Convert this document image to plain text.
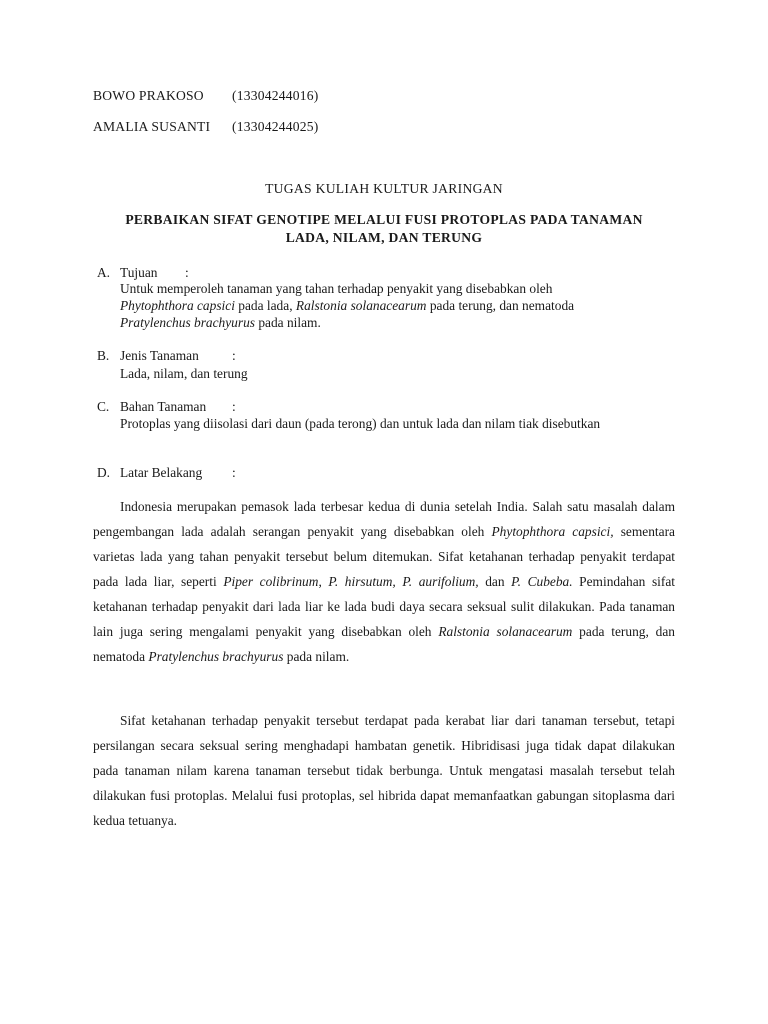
BOWO PRAKOSO (13304244016)
AMALIA SUSANTI (13304244025)
TUGAS KULIAH KULTUR JARINGAN
PERBAIKAN SIFAT GENOTIPE MELALUI FUSI PROTOPLAS PADA TANAMAN
LADA, NILAM, DAN TERUNG
A. Tujuan :
Untuk memperoleh tanaman yang tahan terhadap penyakit yang disebabkan oleh
Phytophthora capsici pada lada, Ralstonia solanacearum pada terung, dan nematoda
Pratylenchus brachyurus pada nilam.
B. Jenis Tanaman :
Lada, nilam, dan terung
C. Bahan Tanaman :
Protoplas yang diisolasi dari daun (pada terong) dan untuk lada dan nilam tiak disebutkan
D. Latar Belakang :
Indonesia merupakan pemasok lada terbesar kedua di dunia setelah India. Salah satu masalah dalam pengembangan lada adalah serangan penyakit yang disebabkan oleh Phytophthora capsici, sementara varietas lada yang tahan penyakit tersebut belum ditemukan. Sifat ketahanan terhadap penyakit terdapat pada lada liar, seperti Piper colibrinum, P. hirsutum, P. aurifolium, dan P. Cubeba. Pemindahan sifat ketahanan terhadap penyakit dari lada liar ke lada budi daya secara seksual sulit dilakukan. Pada tanaman lain juga sering mengalami penyakit yang disebabkan oleh Ralstonia solanacearum pada terung, dan nematoda Pratylenchus brachyurus pada nilam.
Sifat ketahanan terhadap penyakit tersebut terdapat pada kerabat liar dari tanaman tersebut, tetapi persilangan secara seksual sering menghadapi hambatan genetik. Hibridisasi juga tidak dapat dilakukan pada tanaman nilam karena tanaman tersebut tidak berbunga. Untuk mengatasi masalah tersebut telah dilakukan fusi protoplas. Melalui fusi protoplas, sel hibrida dapat memanfaatkan gabungan sitoplasma dari kedua tetuanya.
